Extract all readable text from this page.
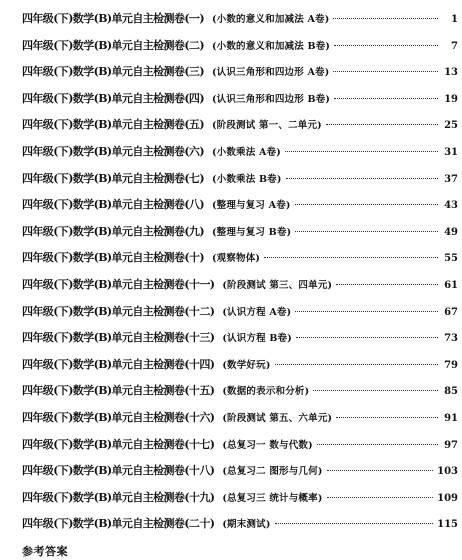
四年级(下)数学(B)单元自主检测卷(一) (小数的意义和加减法 A卷)	1
四年级(下)数学(B)单元自主检测卷(二) (小数的意义和加减法 B卷)	7
四年级(下)数学(B)单元自主检测卷(三) (认识三角形和四边形 A卷)	13
四年级(下)数学(B)单元自主检测卷(四) (认识三角形和四边形 B卷)	19
四年级(下)数学(B)单元自主检测卷(五) (阶段测试 第一、二单元)	25
四年级(下)数学(B)单元自主检测卷(六) (小数乘法 A卷)	31
四年级(下)数学(B)单元自主检测卷(七) (小数乘法 B卷)	37
四年级(下)数学(B)单元自主检测卷(八) (整理与复习 A卷)	43
四年级(下)数学(B)单元自主检测卷(九) (整理与复习 B卷)	49
四年级(下)数学(B)单元自主检测卷(十) (观察物体)	55
四年级(下)数学(B)单元自主检测卷(十一) (阶段测试 第三、四单元)	61
四年级(下)数学(B)单元自主检测卷(十二) (认识方程 A卷)	67
四年级(下)数学(B)单元自主检测卷(十三) (认识方程 B卷)	73
四年级(下)数学(B)单元自主检测卷(十四) (数学好玩)	79
四年级(下)数学(B)单元自主检测卷(十五) (数据的表示和分析)	85
四年级(下)数学(B)单元自主检测卷(十六) (阶段测试 第五、六单元)	91
四年级(下)数学(B)单元自主检测卷(十七) (总复习一 数与代数)	97
四年级(下)数学(B)单元自主检测卷(十八) (总复习二 图形与几何)	103
四年级(下)数学(B)单元自主检测卷(十九) (总复习三 统计与概率)	109
四年级(下)数学(B)单元自主检测卷(二十) (期末测试)	115
参考答案
